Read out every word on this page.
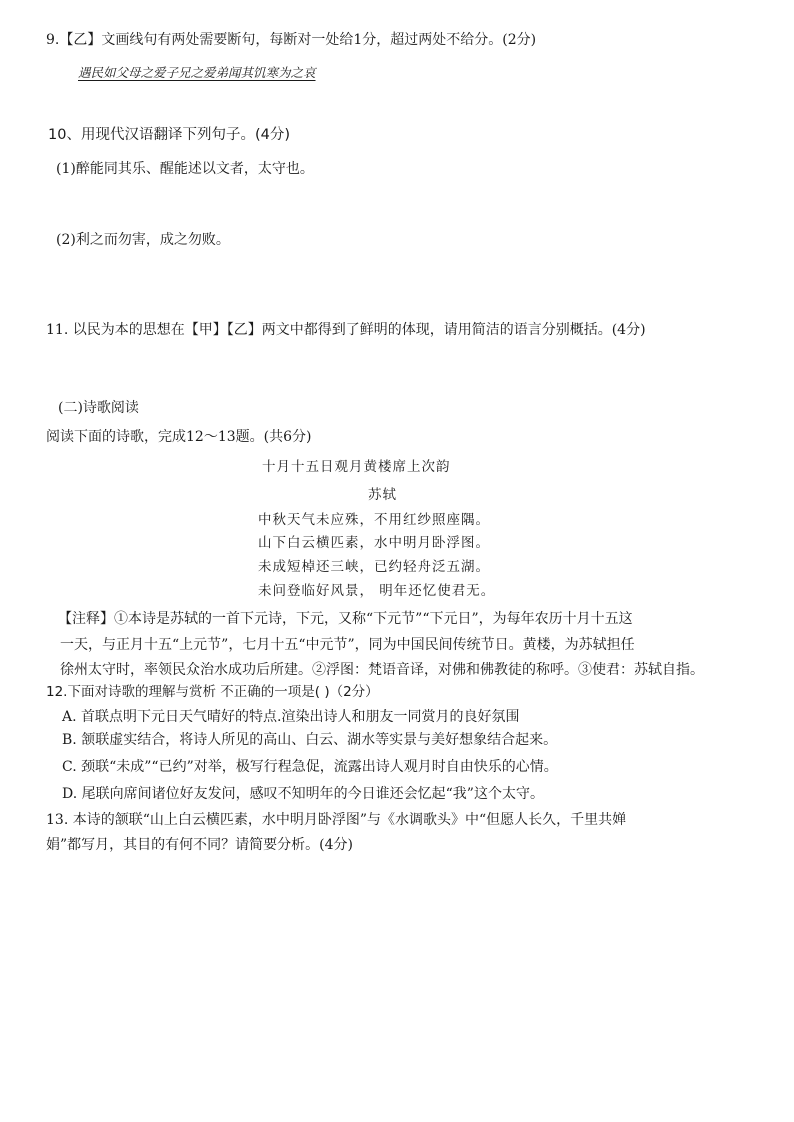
9.【乙】文画线句有两处需要断句，每断对一处给1分，超过两处不给分。(2分)
遇民如父母之爱子兄之爱弟闻其饥寒为之哀
10、用现代汉语翻译下列句子。(4分)
(1)醉能同其乐、醒能述以文者，太守也。
(2)利之而勿害，成之勿败。
11. 以民为本的思想在【甲】【乙】两文中都得到了鲜明的体现，请用简洁的语言分别概括。(4分)
(二)诗歌阅读
阅读下面的诗歌，完成12～13题。(共6分)
十月十五日观月黄楼席上次韵
苏轼
中秋天气未应殊，不用红纱照座隅。
山下白云横匹素，水中明月卧浮图。
未成短棹还三峡，已约轻舟泛五湖。
未问登临好风景， 明年还忆使君无。
【注释】①本诗是苏轼的一首下元诗，下元，又称“下元节”“下元日”，为每年农历十月十五这
一天，与正月十五“上元节”，七月十五“中元节”，同为中国民间传统节日。黄楼，为苏轼担任
徐州太守时，率领民众治水成功后所建。②浮图：梵语音译，对佛和佛教徒的称呼。③使君：苏轼自指。
12.下面对诗歌的理解与赏析 不正确的一项是( )（2分）
A. 首联点明下元日天气晴好的特点.渲染出诗人和朋友一同赏月的良好氛围
B. 颔联虚实结合，将诗人所见的高山、白云、湖水等实景与美好想象结合起来。
C. 颈联“未成”“已约”对举，极写行程急促，流露出诗人观月时自由快乐的心情。
D. 尾联向席间诸位好友发问，感叹不知明年的今日谁还会忆起“我”这个太守。
13. 本诗的颔联“山上白云横匹素，水中明月卧浮图”与《水调歌头》中“但愿人长久，千里共婵
娟”都写月，其目的有何不同？请简要分析。(4分)
